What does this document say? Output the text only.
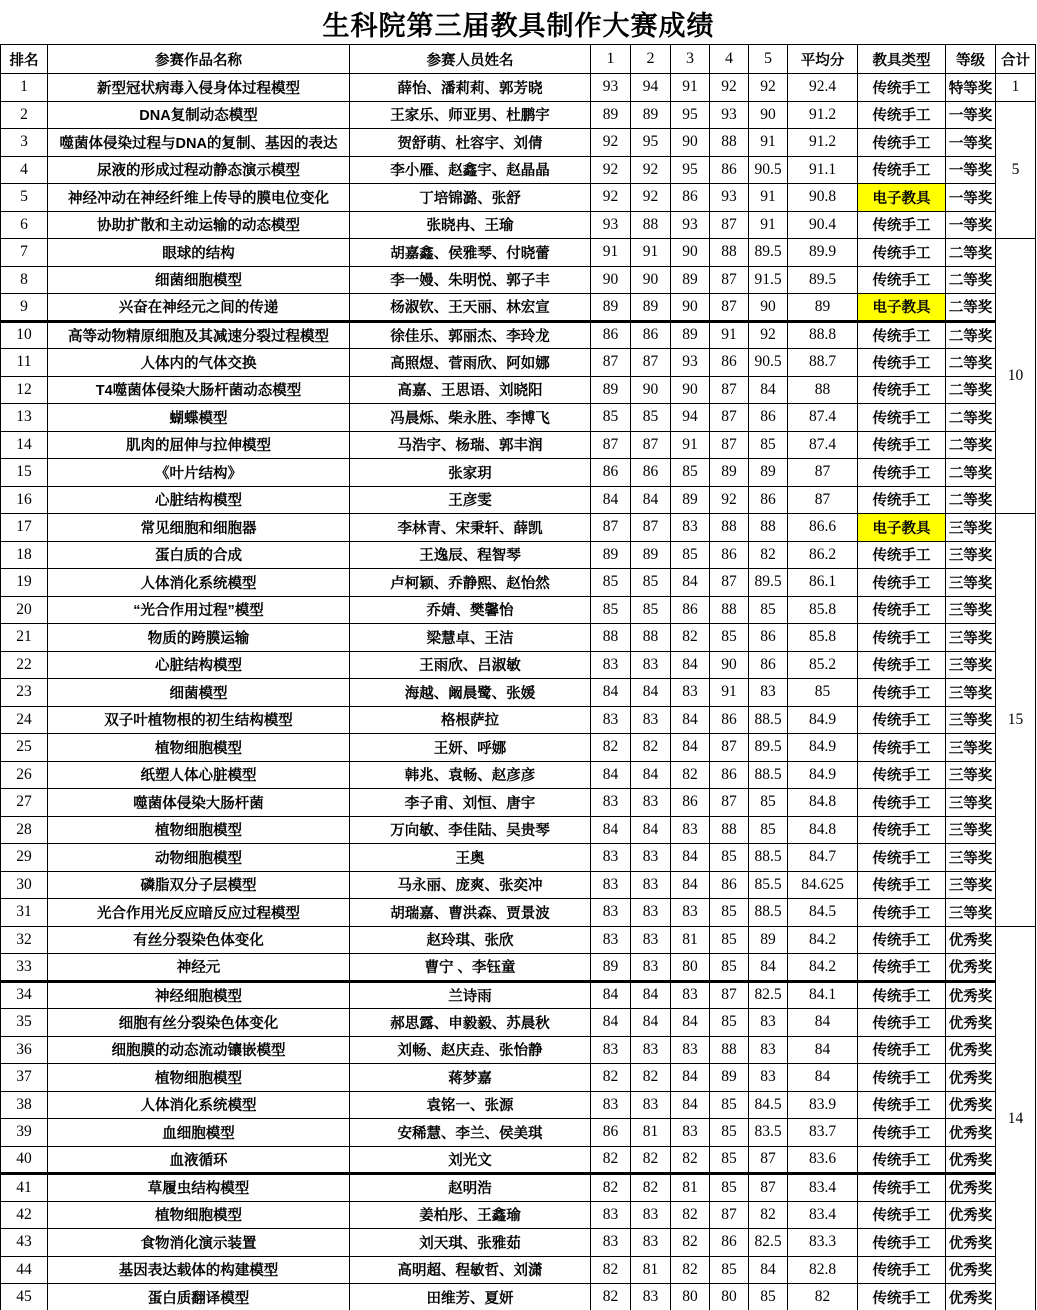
生科院第三届教具制作大赛成绩
排名	参赛作品名称	参赛人员姓名	1	2	3	4	5	平均分	教具类型	等级	合计
1	新型冠状病毒入侵身体过程模型	薛怡、潘莉莉、郭芳晓	93	94	91	92	92	92.4	传统手工	特等奖	1
2	DNA复制动态模型	王家乐、师亚男、杜鹏宇	89	89	95	93	90	91.2	传统手工	一等奖	5
3	噬菌体侵染过程与DNA的复制、基因的表达	贺舒萌、杜容宇、刘倩	92	95	90	88	91	91.2	传统手工	一等奖	
4	尿液的形成过程动静态演示模型	李小雁、赵鑫宇、赵晶晶	92	92	95	86	90.5	91.1	传统手工	一等奖	
5	神经冲动在神经纤维上传导的膜电位变化	丁培锦潞、张舒	92	92	86	93	91	90.8	电子教具	一等奖	
6	协助扩散和主动运输的动态模型	张晓冉、王瑜	93	88	93	87	91	90.4	传统手工	一等奖	
7	眼球的结构	胡嘉鑫、侯雅琴、付晓蕾	91	91	90	88	89.5	89.9	传统手工	二等奖	10
8	细菌细胞模型	李一嫚、朱明悦、郭子丰	90	90	89	87	91.5	89.5	传统手工	二等奖	
9	兴奋在神经元之间的传递	杨淑钦、王天丽、林宏宣	89	89	90	87	90	89	电子教具	二等奖	
10	高等动物精原细胞及其减速分裂过程模型	徐佳乐、郭丽杰、李玲龙	86	86	89	91	92	88.8	传统手工	二等奖	
11	人体内的气体交换	高照煜、菅雨欣、阿如娜	87	87	93	86	90.5	88.7	传统手工	二等奖	
12	T4噬菌体侵染大肠杆菌动态模型	高嘉、王思语、刘晓阳	89	90	90	87	84	88	传统手工	二等奖	
13	蝴蝶模型	冯晨烁、柴永胜、李博飞	85	85	94	87	86	87.4	传统手工	二等奖	
14	肌肉的屈伸与拉伸模型	马浩宇、杨瑞、郭丰润	87	87	91	87	85	87.4	传统手工	二等奖	
15	《叶片结构》	张家玥	86	86	85	89	89	87	传统手工	二等奖	
16	心脏结构模型	王彦雯	84	84	89	92	86	87	传统手工	二等奖	
17	常见细胞和细胞器	李林青、宋秉轩、薛凯	87	87	83	88	88	86.6	电子教具	三等奖	15
18	蛋白质的合成	王逸辰、程智琴	89	89	85	86	82	86.2	传统手工	三等奖	
19	人体消化系统模型	卢柯颖、乔静熙、赵怡然	85	85	84	87	89.5	86.1	传统手工	三等奖	
20	“光合作用过程”模型	乔婧、樊馨怡	85	85	86	88	85	85.8	传统手工	三等奖	
21	物质的跨膜运输	梁慧卓、王洁	88	88	82	85	86	85.8	传统手工	三等奖	
22	心脏结构模型	王雨欣、吕淑敏	83	83	84	90	86	85.2	传统手工	三等奖	
23	细菌模型	海越、阚晨鹭、张媛	84	84	83	91	83	85	传统手工	三等奖	
24	双子叶植物根的初生结构模型	格根萨拉	83	83	84	86	88.5	84.9	传统手工	三等奖	
25	植物细胞模型	王妍、呼娜	82	82	84	87	89.5	84.9	传统手工	三等奖	
26	纸塑人体心脏模型	韩兆、袁畅、赵彦彦	84	84	82	86	88.5	84.9	传统手工	三等奖	
27	噬菌体侵染大肠杆菌	李子甫、刘恒、唐宇	83	83	86	87	85	84.8	传统手工	三等奖	
28	植物细胞模型	万向敏、李佳陆、吴贵琴	84	84	83	88	85	84.8	传统手工	三等奖	
29	动物细胞模型	王奥	83	83	84	85	88.5	84.7	传统手工	三等奖	
30	磷脂双分子层模型	马永丽、庞爽、张奕冲	83	83	84	86	85.5	84.625	传统手工	三等奖	
31	光合作用光反应暗反应过程模型	胡瑞嘉、曹洪森、贾景波	83	83	83	85	88.5	84.5	传统手工	三等奖	
32	有丝分裂染色体变化	赵玲琪、张欣	83	83	81	85	89	84.2	传统手工	优秀奖	14
33	神经元	曹宁 、李钰童	89	83	80	85	84	84.2	传统手工	优秀奖	
34	神经细胞模型	兰诗雨	84	84	83	87	82.5	84.1	传统手工	优秀奖	
35	细胞有丝分裂染色体变化	郝思露、申毅毅、苏晨秋	84	84	84	85	83	84	传统手工	优秀奖	
36	细胞膜的动态流动镶嵌模型	刘畅、赵庆垚、张怡静	83	83	83	88	83	84	传统手工	优秀奖	
37	植物细胞模型	蒋梦嘉	82	82	84	89	83	84	传统手工	优秀奖	
38	人体消化系统模型	袁铭一、张源	83	83	84	85	84.5	83.9	传统手工	优秀奖	
39	血细胞模型	安稀慧、李兰、侯美琪	86	81	83	85	83.5	83.7	传统手工	优秀奖	
40	血液循环	刘光文	82	82	82	85	87	83.6	传统手工	优秀奖	
41	草履虫结构模型	赵明浩	82	82	81	85	87	83.4	传统手工	优秀奖	
42	植物细胞模型	姜柏彤、王鑫瑜	83	83	82	87	82	83.4	传统手工	优秀奖	
43	食物消化演示装置	刘天琪、张雅茹	83	83	82	86	82.5	83.3	传统手工	优秀奖	
44	基因表达载体的构建模型	高明超、程敏哲、刘潇	82	81	82	85	84	82.8	传统手工	优秀奖	
45	蛋白质翻译模型	田维芳、夏妍	82	83	80	80	85	82	传统手工	优秀奖	
